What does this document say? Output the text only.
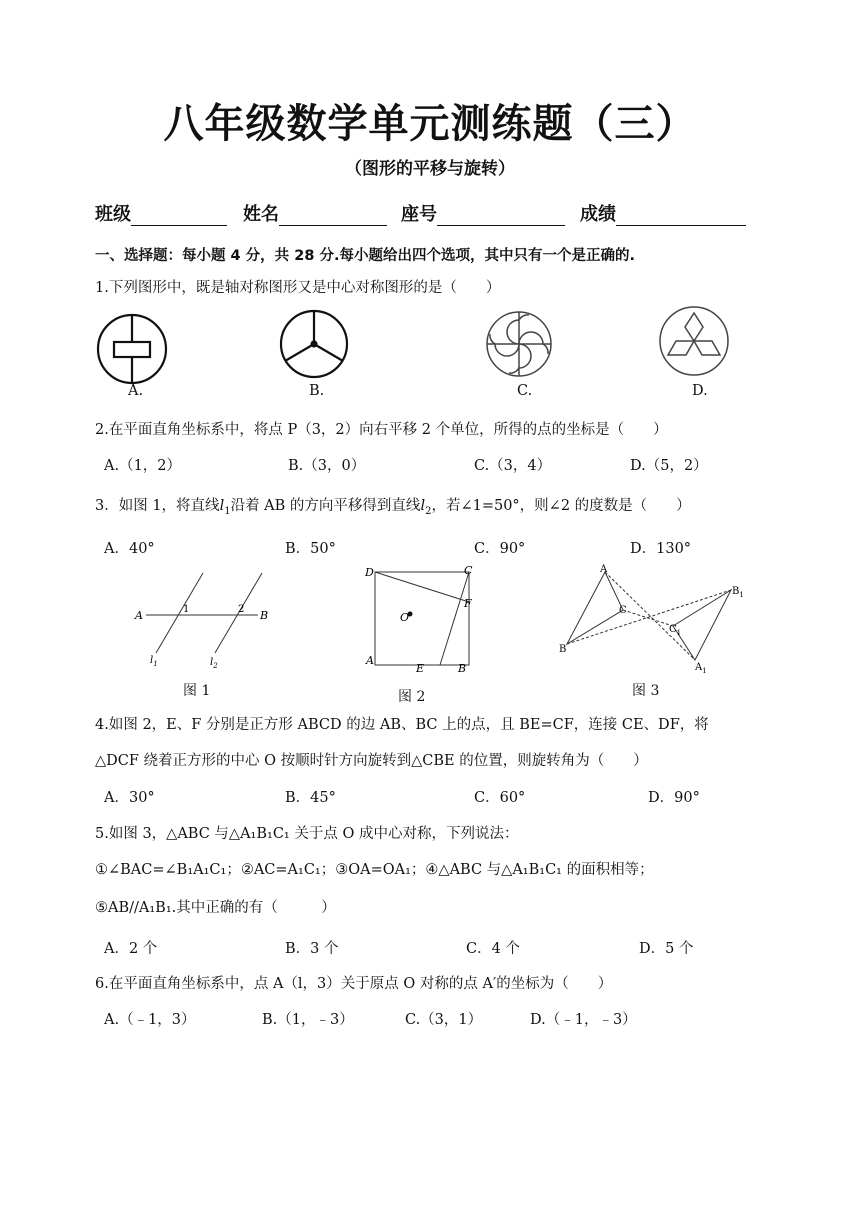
八年级数学单元测练题（三）
（图形的平移与旋转）
班级	姓名	座号	成绩
一、选择题：每小题 4 分，共 28 分.每小题给出四个选项，其中只有一个是正确的.
1.下列图形中，既是轴对称图形又是中心对称图形的是（　　）
A.	B.	C.	D.
2.在平面直角坐标系中，将点 P（3，2）向右平移 2 个单位，所得的点的坐标是（　　）
A.（1，2）	B.（3，0）	C.（3，4）	D.（5，2）
3．如图 1，将直线$l_1$沿着 AB 的方向平移得到直线$l_2$，若∠1=50°，则∠2 的度数是（　　）
A．40°	B．50°	C．90°	D．130°
A	B
1	2
$l_1$	$l_2$
图 1
D	C
F
O
A
E	B
图 2
A
B
C
$B_1$
$C_1$
$A_1$
图 3
4.如图 2，E、F 分别是正方形 ABCD 的边 AB、BC 上的点，且 BE=CF，连接 CE、DF，将
△DCF 绕着正方形的中心 O 按顺时针方向旋转到△CBE 的位置，则旋转角为（　　）
A．30°	B．45°	C．60°	D．90°
5.如图 3，△ABC 与△A₁B₁C₁ 关于点 O 成中心对称，下列说法：
①∠BAC=∠B₁A₁C₁；②AC=A₁C₁；③OA=OA₁；④△ABC 与△A₁B₁C₁ 的面积相等；
⑤AB//A₁B₁.其中正确的有（　　　）
A．2 个	B．3 个	C．4 个	D．5 个
6.在平面直角坐标系中，点 A（l，3）关于原点 O 对称的点 A′的坐标为（　　）
A.（﹣1，3）	B.（1，﹣3）	C.（3，1）	D.（﹣1，﹣3）
